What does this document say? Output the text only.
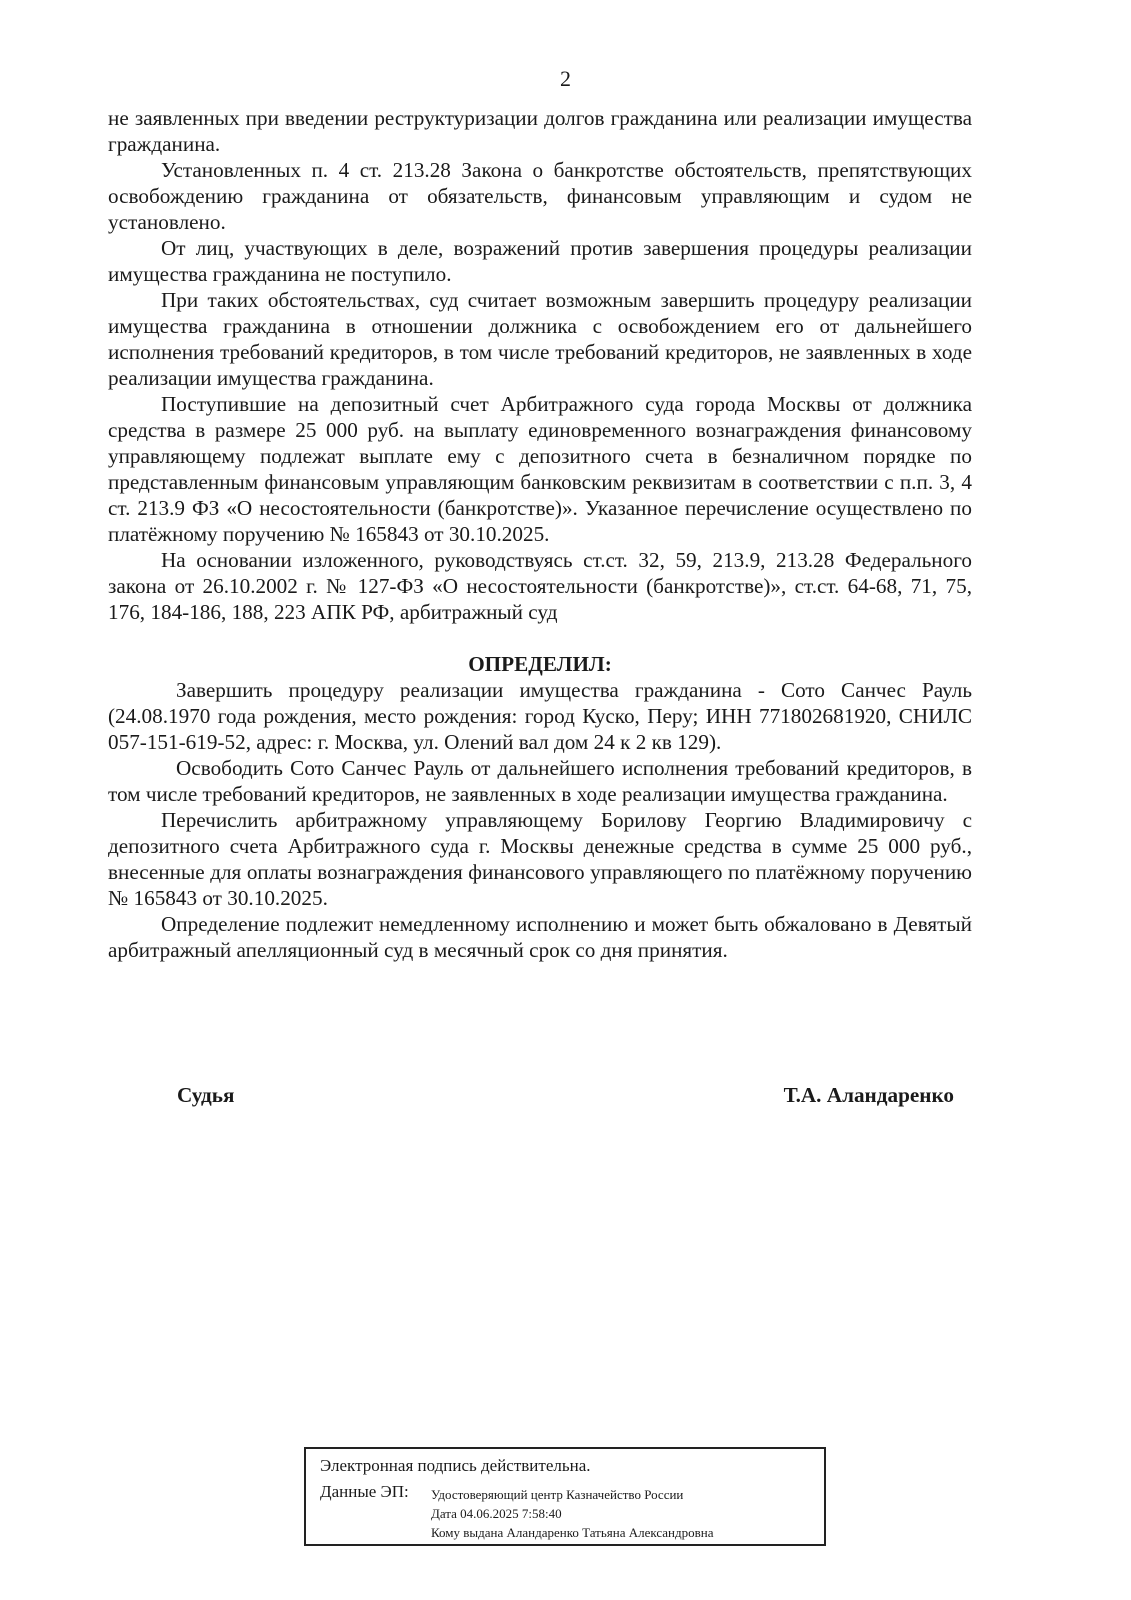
2

не заявленных при введении реструктуризации долгов гражданина или реализации имущества гражданина.

Установленных п. 4 ст. 213.28 Закона о банкротстве обстоятельств, препятствующих освобождению гражданина от обязательств, финансовым управляющим и судом не установлено.

От лиц, участвующих в деле, возражений против завершения процедуры реализации имущества гражданина не поступило.

При таких обстоятельствах, суд считает возможным завершить процедуру реализации имущества гражданина в отношении должника с освобождением его от дальнейшего исполнения требований кредиторов, в том числе требований кредиторов, не заявленных в ходе реализации имущества гражданина.

Поступившие на депозитный счет Арбитражного суда города Москвы от должника средства в размере 25 000 руб. на выплату единовременного вознаграждения финансовому управляющему подлежат выплате ему с депозитного счета в безналичном порядке по представленным финансовым управляющим банковским реквизитам в соответствии с п.п. 3, 4 ст. 213.9 ФЗ «О несостоятельности (банкротстве)». Указанное перечисление осуществлено по платёжному поручению № 165843 от 30.10.2025.

На основании изложенного, руководствуясь ст.ст. 32, 59, 213.9, 213.28 Федерального закона от 26.10.2002 г. № 127-ФЗ «О несостоятельности (банкротстве)», ст.ст. 64-68, 71, 75, 176, 184-186, 188, 223 АПК РФ, арбитражный суд

ОПРЕДЕЛИЛ:

Завершить процедуру реализации имущества гражданина - Сото Санчес Рауль (24.08.1970 года рождения, место рождения: город Куско, Перу; ИНН 771802681920, СНИЛС 057-151-619-52, адрес: г. Москва, ул. Олений вал дом 24 к 2 кв 129).

Освободить Сото Санчес Рауль от дальнейшего исполнения требований кредиторов, в том числе требований кредиторов, не заявленных в ходе реализации имущества гражданина.

Перечислить арбитражному управляющему Борилову Георгию Владимировичу с депозитного счета Арбитражного суда г. Москвы денежные средства в сумме 25 000 руб., внесенные для оплаты вознаграждения финансового управляющего по платёжному поручению № 165843 от 30.10.2025.

Определение подлежит немедленному исполнению и может быть обжаловано в Девятый арбитражный апелляционный суд в месячный срок со дня принятия.

Судья	Т.А. Аландаренко
Электронная подпись действительна.
Данные ЭП: Удостоверяющий центр Казначейство России
Дата 04.06.2025 7:58:40
Кому выдана Аландаренко Татьяна Александровна
